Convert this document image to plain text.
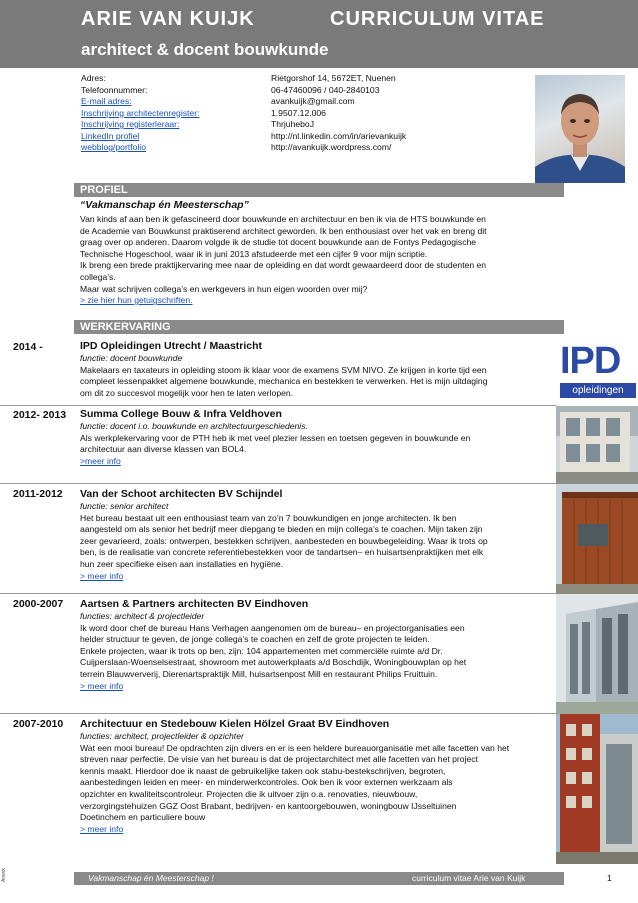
ARIE VAN KUIJK	CURRICULUM VITAE
architect & docent bouwkunde
Adres:	Rietgorshof 14, 5672ET, Nuenen
Telefoonnummer:	06-47460096 / 040-2840103
E-mail adres:	avankuijk@gmail.com
Inschrijving architectenregister:	1.9507.12.006
Inschrijving registerleraar:	ThrjuheboJ
LinkedIn profiel	http://nl.linkedin.com/in/arievankuijk
webblog/portfolio	http://avankuijk.wordpress.com/
PROFIEL
“Vakmanschap én Meesterschap”

Van kinds af aan ben ik gefascineerd door bouwkunde en architectuur en ben ik via de HTS bouwkunde en

de Academie van Bouwkunst praktiserend architect geworden. Ik ben enthousiast over het vak en breng dit

graag over op anderen. Daarom volgde ik de studie tot docent bouwkunde aan de Fontys Pedagogische

Technische Hogeschool, waar ik in juni 2013 afstudeerde met een cijfer 9 voor mijn scriptie.

Ik breng een brede praktijkervaring mee naar de opleiding en dat wordt gewaardeerd door de studenten en

collega’s.

Maar wat schrijven collega’s en werkgevers in hun eigen woorden over mij?

> zie hier hun getuigschriften.

WERKERVARING
2014 -	IPD Opleidingen Utrecht / Maastricht
functie: docent bouwkunde

Makelaars en taxateurs in opleiding stoom ik klaar voor de examens SVM NIVO. Ze krijgen in korte tijd een

compleet lessenpakket algemene bouwkunde, mechanica en bestekken te verwerken. Het is mijn uitdaging

om dit zo succesvol mogelijk voor hen te laten verlopen.

IPD
opleidingen
2012- 2013 Summa College Bouw & Infra Veldhoven
functie: docent i.o. bouwkunde en architectuurgeschiedenis.

Als werkplekervaring voor de PTH heb ik met veel plezier lessen en toetsen gegeven in bouwkunde en

architectuur aan diverse klassen van BOL4.

>meer info
2011-2012 Van der Schoot architecten BV Schijndel
functie: senior architect

Het bureau bestaat uit een enthousiast team van zo’n 7 bouwkundigen en jonge architecten. Ik ben

aangesteld om als senior het bedrijf meer diepgang te bieden en mijn collega’s te coachen. Mijn taken zijn

zeer gevarieerd, zoals: ontwerpen, bestekken schrijven, aanbesteden en bouwbegeleiding. Waar ik trots op

ben, is de realisatie van concrete referentiebestekken voor de tandartsen– en huisartsenpraktijken met elk

hun zeer specifieke eisen aan installaties en hygiëne.

> meer info
2000-2007 Aartsen & Partners architecten BV Eindhoven
functies: architect & projectleider

Ik word door chef de bureau Hans Verhagen aangenomen om de bureau– en projectorganisaties een

helder structuur te geven, de jonge collega’s te coachen en zelf de grote projecten te leiden.

Enkele projecten, waar ik trots op ben, zijn: 104 appartementen met commerciële ruimte a/d Dr.

Cuijperslaan-Woenselsestraat, showroom met autowerkplaats a/d Boschdijk, Woningbouwplan op het

terrein Blauwververij, Dierenartspraktijk Mill, huisartsenpost Mill en restaurant Philips Fruittuin.

> meer info
2007-2010 Architectuur en Stedebouw Kielen Hölzel Graat BV Eindhoven
functies: architect, projectleider & opzichter

Wat een mooi bureau! De opdrachten zijn divers en er is een heldere bureauorganisatie met alle facetten van het

streven naar perfectie. De visie van het bureau is dat de projectarchitect met alle facetten van het project

kennis maakt. Hierdoor doe ik naast de gebruikelijke taken ook stabu-bestekschrijven, begroten,

aanbestedingen leiden en meer- en minderwerkcontroles. Ook ben ik voor externen werkzaam als

opzichter en kwaliteitscontroleur. Projecten die ik uitvoer zijn o.a. renovaties, nieuwbouw,

verzorgingstehuizen GGZ Oost Brabant, bedrijven- en kantoorgebouwen, woningbouw IJsseltuinen

Doetinchem en particuliere bouw

> meer info
Vakmanschap én Meesterschap !	curriculum vitae Arie van Kuijk	1
Arievk
